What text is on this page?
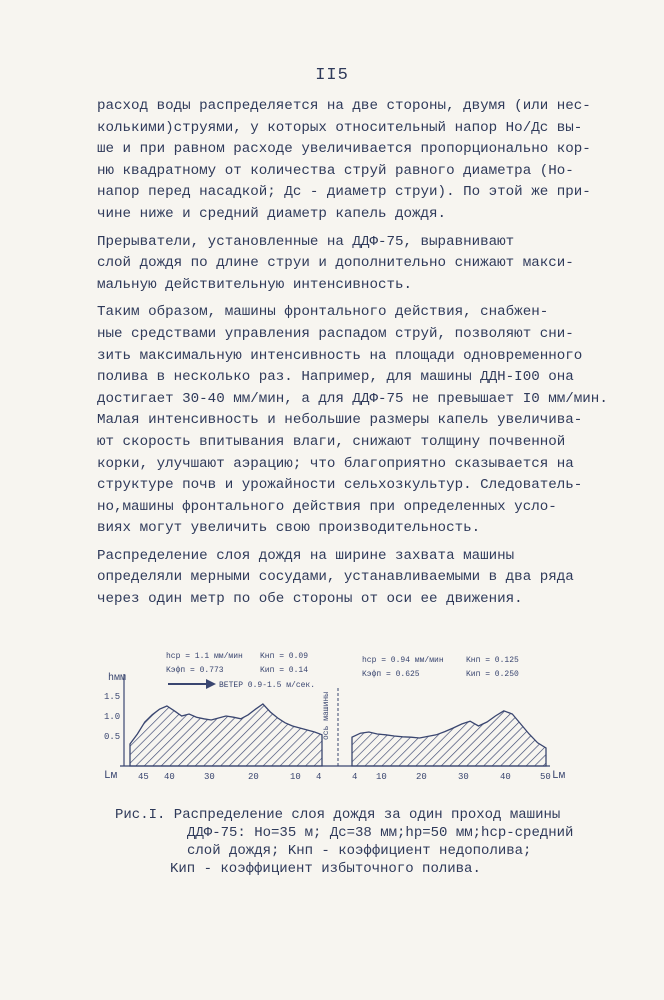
II5

расход воды распределяется на две стороны, двумя (или нес-
колькими)струями, у которых относительный напор Hо/Дс вы-
ше и при равном расходе увеличивается пропорционально кор-
ню квадратному от количества струй равного диаметра (Hо-
напор перед насадкой; Дс - диаметр струи). По этой же при-
чине ниже и средний диаметр капель дождя.

Прерыватели, установленные на ДДФ-75, выравнивают
слой дождя по длине струи и дополнительно снижают макси-
мальную действительную интенсивность.

Таким образом, машины фронтального действия, снабжен-
ные средствами управления распадом струй, позволяют сни-
зить максимальную интенсивность на площади одновременного
полива в несколько раз. Например, для машины ДДН-I00 она
достигает 30-40 мм/мин, а для ДДФ-75 не превышает I0 мм/мин.
Малая интенсивность и небольшие размеры капель увеличива-
ют скорость впитывания влаги, снижают толщину почвенной
корки, улучшают аэрацию; что благоприятно сказывается на
структуре почв и урожайности сельхозкультур. Следователь-
но,машины фронтального действия при определенных усло-
виях могут увеличить свою производительность.

Распределение слоя дождя на ширине захвата машины
определяли мерными сосудами, устанавливаемыми в два ряда
через один метр по обе стороны от оси ее движения.

hмм
Lм	Lм
ось машины
1.5
1.0
0.5
45 40	30	20	10 4	4 10	20	30	40	50
hср = 1.1 мм/мин Kнп = 0.09
Kэфп = 0.773	Kип = 0.14
ВЕТЕР 0.9-1.5 м/сек.
hср = 0.94 мм/мин	Kнп = 0.125
Kэфп = 0.625	Kип = 0.250
Рис.I. Распределение слоя дождя за один проход машины
ДДФ-75: Hо=35 м; Дс=38 мм;hр=50 мм;hср-средний
слой дождя; Kнп - коэффициент недополива;
Kип - коэффициент избыточного полива.
